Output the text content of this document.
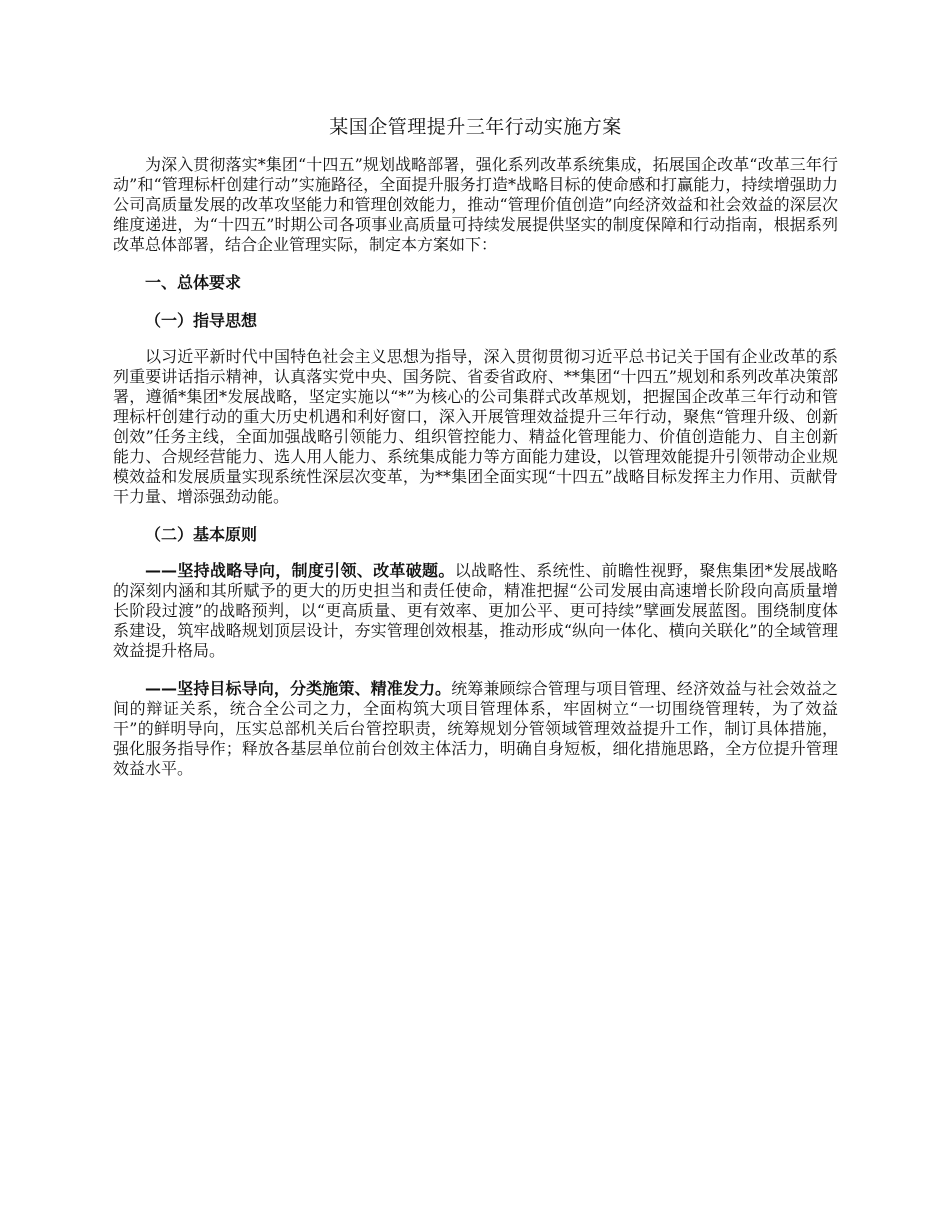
某国企管理提升三年行动实施方案

为深入贯彻落实*集团“十四五”规划战略部署，强化系列改革系统集成，拓展国企改革“改革三年行动”和“管理标杆创建行动”实施路径，全面提升服务打造*战略目标的使命感和打赢能力，持续增强助力公司高质量发展的改革攻坚能力和管理创效能力，推动“管理价值创造”向经济效益和社会效益的深层次维度递进，为“十四五”时期公司各项事业高质量可持续发展提供坚实的制度保障和行动指南，根据系列改革总体部署，结合企业管理实际，制定本方案如下：

一、总体要求
（一）指导思想

以习近平新时代中国特色社会主义思想为指导，深入贯彻贯彻习近平总书记关于国有企业改革的系列重要讲话指示精神，认真落实党中央、国务院、省委省政府、**集团“十四五”规划和系列改革决策部署，遵循*集团*发展战略，坚定实施以“*”为核心的公司集群式改革规划，把握国企改革三年行动和管理标杆创建行动的重大历史机遇和利好窗口，深入开展管理效益提升三年行动，聚焦“管理升级、创新创效”任务主线，全面加强战略引领能力、组织管控能力、精益化管理能力、价值创造能力、自主创新能力、合规经营能力、选人用人能力、系统集成能力等方面能力建设，以管理效能提升引领带动企业规模效益和发展质量实现系统性深层次变革，为**集团全面实现“十四五”战略目标发挥主力作用、贡献骨干力量、增添强劲动能。

（二）基本原则

——坚持战略导向，制度引领、改革破题。以战略性、系统性、前瞻性视野，聚焦集团*发展战略的深刻内涵和其所赋予的更大的历史担当和责任使命，精准把握“公司发展由高速增长阶段向高质量增长阶段过渡”的战略预判，以“更高质量、更有效率、更加公平、更可持续”擘画发展蓝图。围绕制度体系建设，筑牢战略规划顶层设计，夯实管理创效根基，推动形成“纵向一体化、横向关联化”的全域管理效益提升格局。

——坚持目标导向，分类施策、精准发力。统筹兼顾综合管理与项目管理、经济效益与社会效益之间的辩证关系，统合全公司之力，全面构筑大项目管理体系，牢固树立“一切围绕管理转，为了效益干”的鲜明导向，压实总部机关后台管控职责，统筹规划分管领域管理效益提升工作，制订具体措施，强化服务指导作；释放各基层单位前台创效主体活力，明确自身短板，细化措施思路，全方位提升管理效益水平。
